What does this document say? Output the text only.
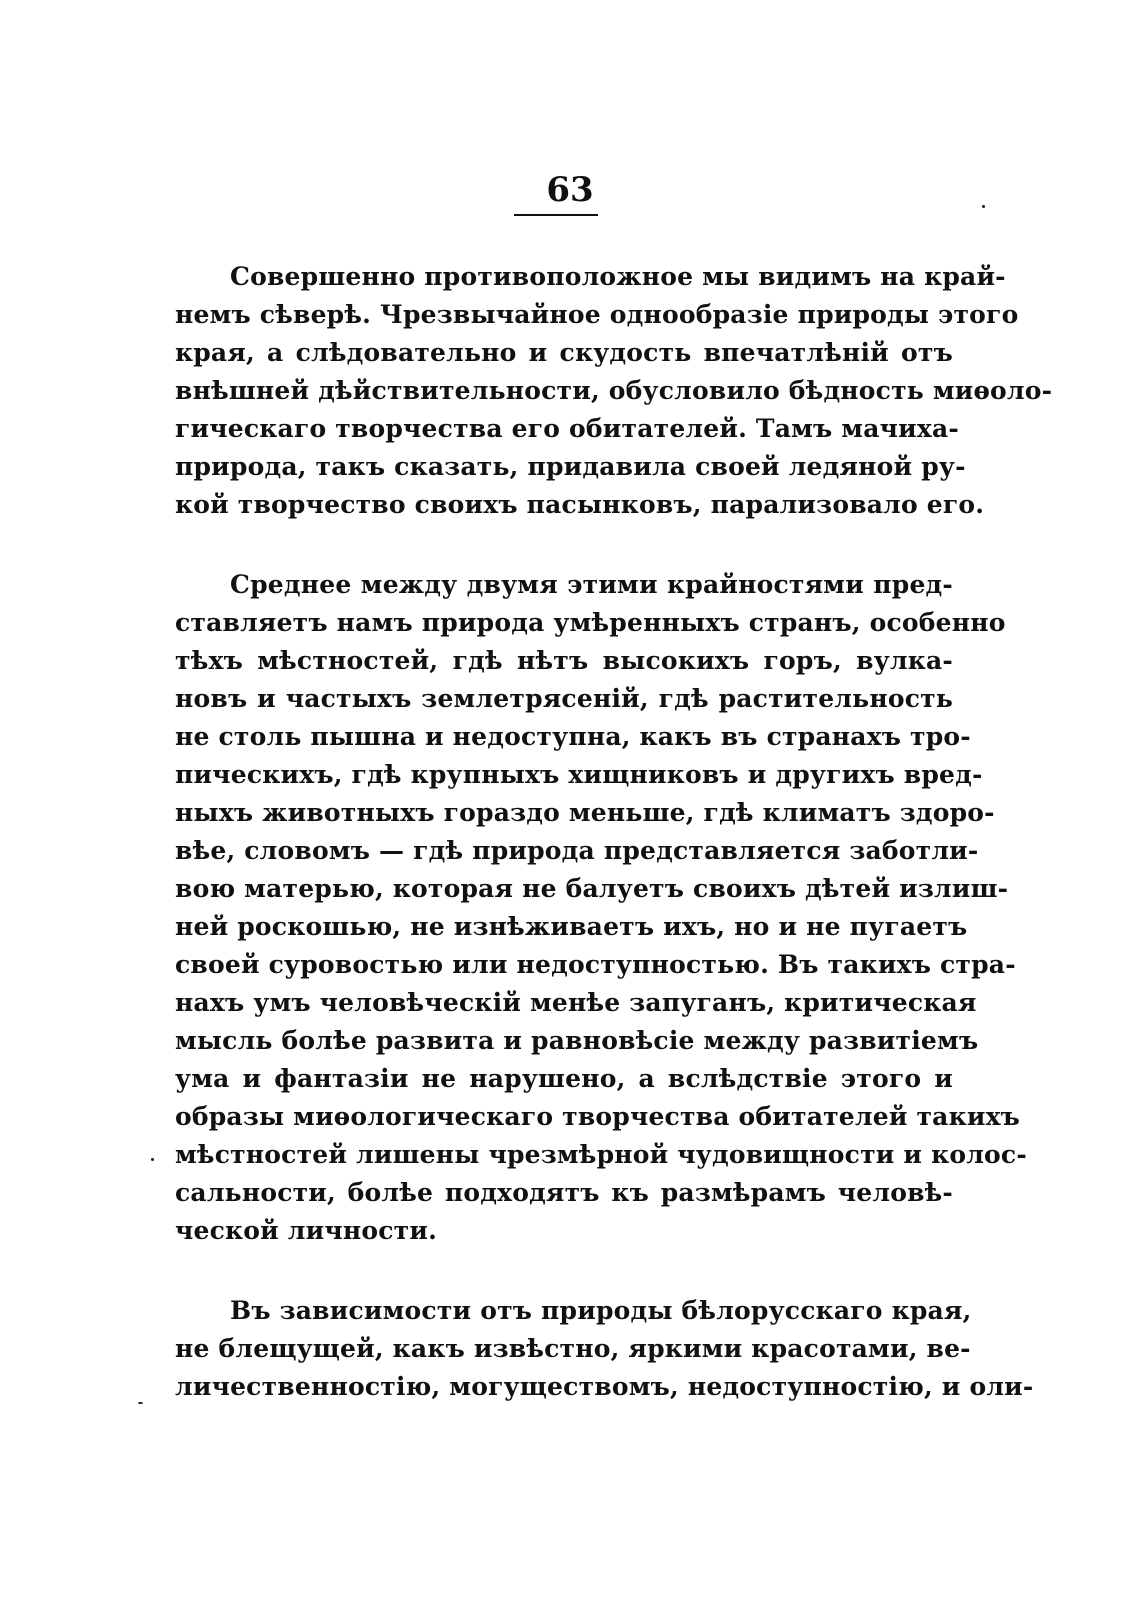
63
Совершенно противоположное мы видимъ на край-
немъ сѣверѣ. Чрезвычайное однообразіе природы этого
края, а слѣдовательно и скудость впечатлѣній отъ
внѣшней дѣйствительности, обусловило бѣдность миѳоло-
гическаго творчества его обитателей. Тамъ мачиха-
природа, такъ сказать, придавила своей ледяной ру-
кой творчество своихъ пасынковъ, парализовало его.
Среднее между двумя этими крайностями пред-
ставляетъ намъ природа умѣренныхъ странъ, особенно
тѣхъ мѣстностей, гдѣ нѣтъ высокихъ горъ, вулка-
новъ и частыхъ землетрясеній, гдѣ растительность
не столь пышна и недоступна, какъ въ странахъ тро-
пическихъ, гдѣ крупныхъ хищниковъ и другихъ вред-
ныхъ животныхъ гораздо меньше, гдѣ климатъ здоро-
вѣе, словомъ — гдѣ природа представляется заботли-
вою матерью, которая не балуетъ своихъ дѣтей излиш-
ней роскошью, не изнѣживаетъ ихъ, но и не пугаетъ
своей суровостью или недоступностью. Въ такихъ стра-
нахъ умъ человѣческій менѣе запуганъ, критическая
мысль болѣе развита и равновѣсіе между развитіемъ
ума и фантазіи не нарушено, а вслѣдствіе этого и
образы миѳологическаго творчества обитателей такихъ
мѣстностей лишены чрезмѣрной чудовищности и колос-
сальности, болѣе подходятъ къ размѣрамъ человѣ-
ческой личности.
Въ зависимости отъ природы бѣлорусскаго края,
не блещущей, какъ извѣстно, яркими красотами, ве-
личественностію, могуществомъ, недоступностію, и оли-
